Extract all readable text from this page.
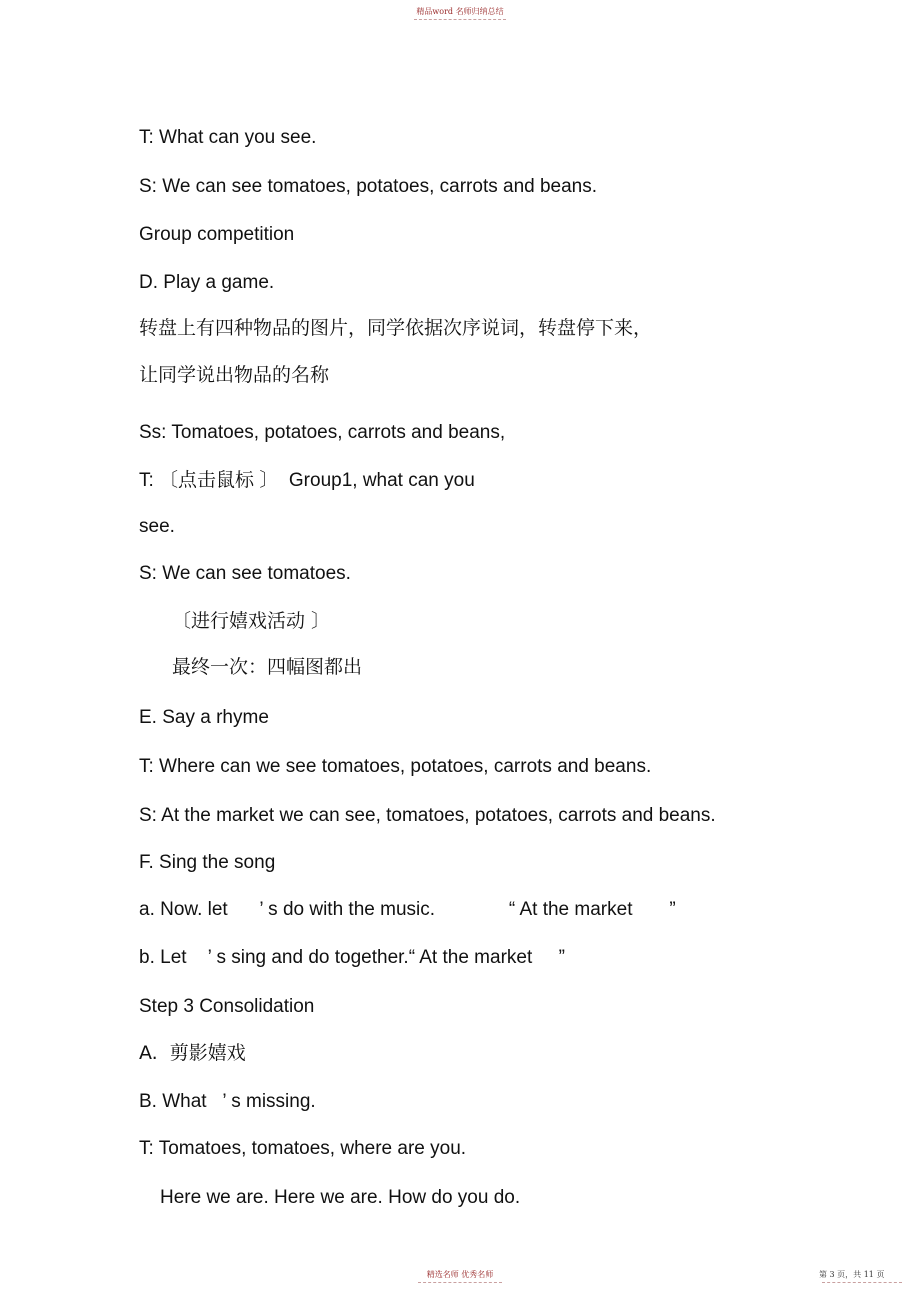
精品word 名师归纳总结
T: What can you see.
S: We can see tomatoes, potatoes, carrots and beans.
Group competition
D. Play a game.
转盘上有四种物品的图片，同学依据次序说词，转盘停下来，
让同学说出物品的名称
Ss: Tomatoes, potatoes, carrots and beans,
T: 〔点击鼠标 〕  Group1, what can you
see.
S: We can see tomatoes.
〔进行嬉戏活动 〕
最终一次：四幅图都出
E. Say a rhyme
T: Where can we see tomatoes, potatoes, carrots and beans.
S: At the market we can see, tomatoes, potatoes, carrots and beans.
F. Sing the song
a. Now. let      ’ s do with the music.              “ At the market       ”
b. Let    ’ s sing and do together.“ At the market     ”
Step 3 Consolidation
A.  剪影嬉戏
B. What   ’ s missing.
T: Tomatoes, tomatoes, where are you.
Here we are. Here we are. How do you do.
精选名师 优秀名师	第 3 页，共 11 页
